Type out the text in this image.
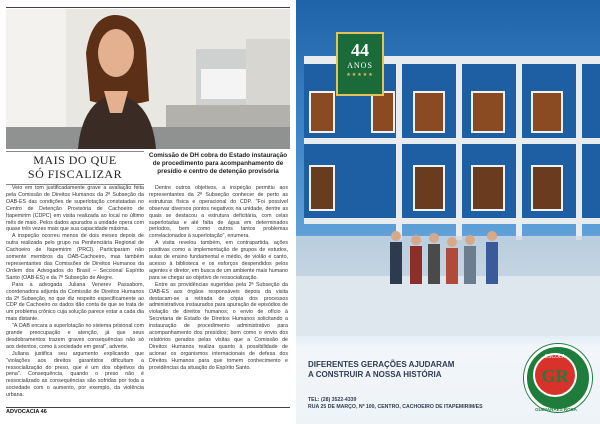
MAIS DO QUE
SÓ FISCALIZAR
Comissão de DH cobra do Estado instauração de procedimento para acompanhamento de presídio e centro de detenção provisória

Veio em tom justificadamente grave a avaliação feita pela Comissão de Direitos Humanos da 2ª Subseção da OAB-ES das condições de superlotação constatadas no Centro de Detenção Provisória de Cachoeiro de Itapemirim (CDPC) em visita realizada ao local no último mês de maio. Pelos dados apurados a unidade opera com quase três vezes mais que sua capacidade máxima.

A inspeção ocorreu menos de dois meses depois de outra realizada pelo grupo na Penitenciária Regional de Cachoeiro de Itapemirim (PRCI). Participaram não somente membros da OAB-Cachoeiro, mas também representantes das Comissões de Direitos Humanos da Ordem dos Advogados do Brasil – Seccional Espírito Santo (OAB-ES) e da 7ª Subseção de Alegre.

Para a advogada Juliana Venerev Passabom, coordenadora adjunta da Comissão de Direitos Humanos da 2ª Subseção, no que diz respeito especificamente ao CDP de Cachoeiro os dados dão conta de que se trata de um problema crônico cuja solução parece estar a cada dia mais distante.

"A OAB encara a superlotação no sistema prisional com grande preocupação e atenção, já que seus desdobramentos trazem graves consequências não só aos detentos, como à sociedade em geral", adverte.

Juliana justifica seu argumento explicando que "violações aos direitos garantidos dificultam a ressocialização do preso, que é um dos objetivos da pena". Consequência, quando o preso não é ressocializado as consequências são sofridas por toda a sociedade com o aumento, por exemplo, da violência urbana.

Dentre outros objetivos, a inspeção permitiu aos representantes da 2ª Subseção conhecer de perto as estruturas física e operacional do CDP. "Foi possível observar diversos pontos negativos na unidade, dentre as quais se destacou a estrutura deficitária, com celas superlotadas e até falta de água em determinados períodos, bem como outros tantos problemas correlacionados à superlotação", enumera.

A visita revelou também, em contrapartida, ações positivas como a implementação de grupos de estudos, aulas de ensino fundamental e médio, de violão e canto, acesso à biblioteca e os esforços despendidos pelos agentes e diretor, em busca de um ambiente mais humano para se chegar ao objetivo de ressocialização.

Entre as providências sugeridas pela 2ª Subseção da OAB-ES aos órgãos responsáveis depois da visita destacam-se a retirada de cópia dos processos administrativos instaurados para apuração de episódios de violação de direitos humanos; o envio de ofício à Secretaria de Estado de Direitos Humanos solicitando a instauração de procedimento administrativo para acompanhamento dos presídios; bem como o envio dos relatórios gerados pelas visitas que a Comissão de Direitos Humanos realiza quanto à possibilidade de acionar os organismos internacionais de defesa dos Direitos Humanos para que tomem conhecimento e providências da situação do Espírito Santo.

ADVOCACIA 46
44
ANOS
★★★★★
DIFERENTES GERAÇÕES AJUDARAM
A CONSTRUIR A NOSSA HISTÓRIA
TEL: (28) 3522-4339
RUA 25 DE MARÇO, Nº 100, CENTRO, CACHOEIRO DE ITAPEMIRIM/ES
ESCOLA
GR
GUIMARÃES ROSA
